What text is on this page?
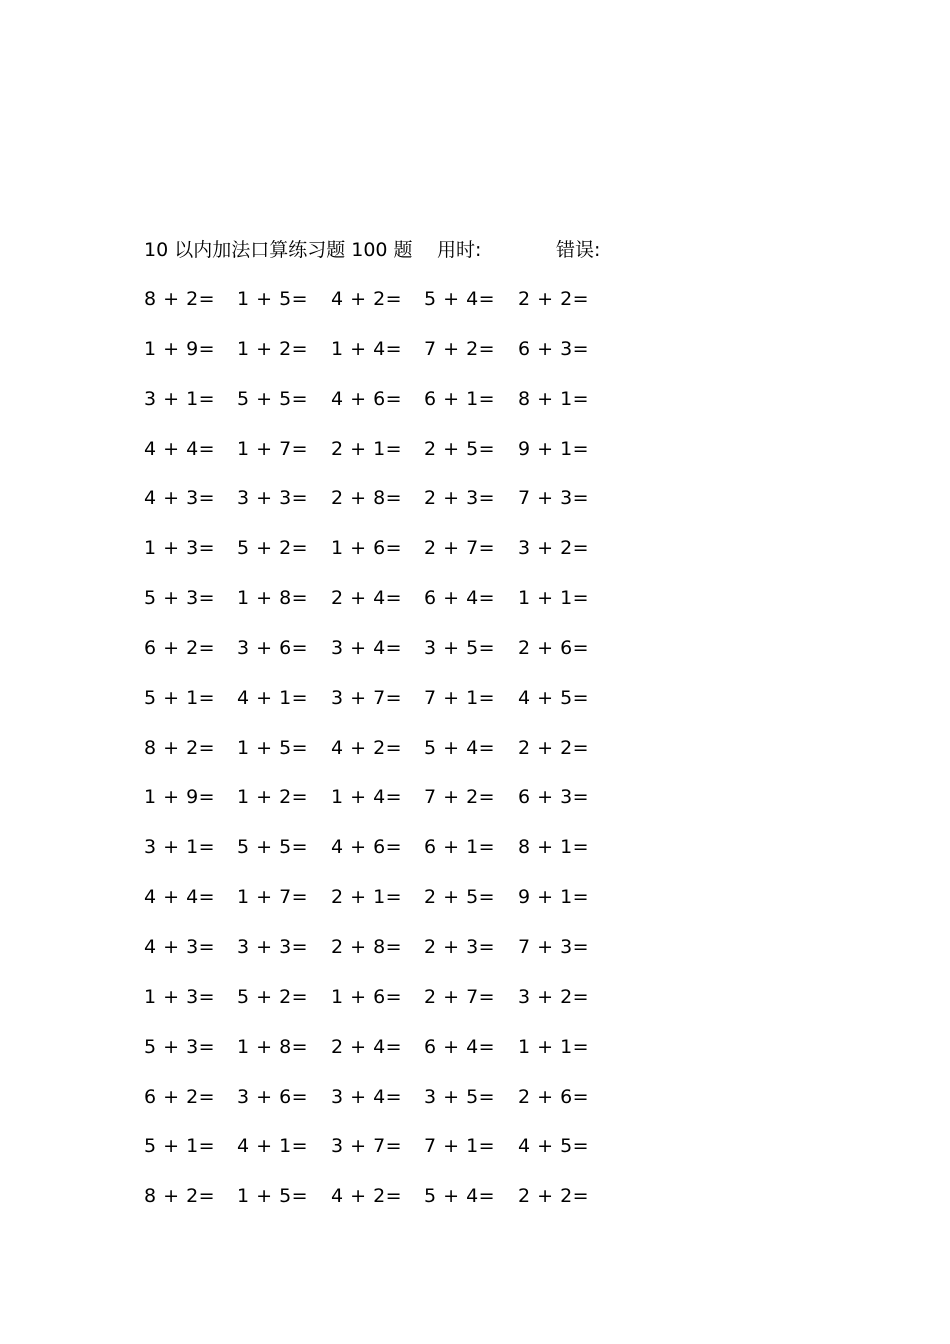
10 以内加法口算练习题 100 题 用时:	错误:
8 + 2= 1 + 5= 4 + 2= 5 + 4= 2 + 2=
1 + 9= 1 + 2= 1 + 4= 7 + 2= 6 + 3=
3 + 1= 5 + 5= 4 + 6= 6 + 1= 8 + 1=
4 + 4= 1 + 7= 2 + 1= 2 + 5= 9 + 1=
4 + 3= 3 + 3= 2 + 8= 2 + 3= 7 + 3=
1 + 3= 5 + 2= 1 + 6= 2 + 7= 3 + 2=
5 + 3= 1 + 8= 2 + 4= 6 + 4= 1 + 1=
6 + 2= 3 + 6= 3 + 4= 3 + 5= 2 + 6=
5 + 1= 4 + 1= 3 + 7= 7 + 1= 4 + 5=
8 + 2= 1 + 5= 4 + 2= 5 + 4= 2 + 2=
1 + 9= 1 + 2= 1 + 4= 7 + 2= 6 + 3=
3 + 1= 5 + 5= 4 + 6= 6 + 1= 8 + 1=
4 + 4= 1 + 7= 2 + 1= 2 + 5= 9 + 1=
4 + 3= 3 + 3= 2 + 8= 2 + 3= 7 + 3=
1 + 3= 5 + 2= 1 + 6= 2 + 7= 3 + 2=
5 + 3= 1 + 8= 2 + 4= 6 + 4= 1 + 1=
6 + 2= 3 + 6= 3 + 4= 3 + 5= 2 + 6=
5 + 1= 4 + 1= 3 + 7= 7 + 1= 4 + 5=
8 + 2= 1 + 5= 4 + 2= 5 + 4= 2 + 2=
